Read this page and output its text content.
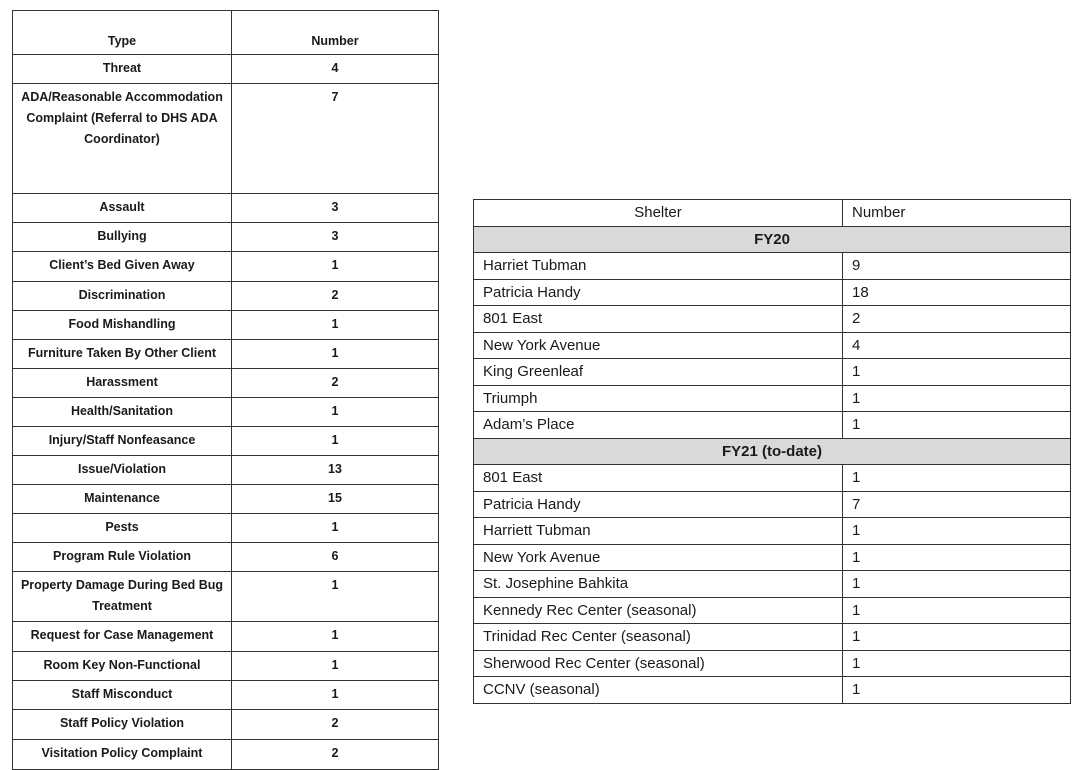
Type	Number
Threat	4
ADA/Reasonable Accommodation Complaint (Referral to DHS ADA Coordinator)	7
Assault	3
Bullying	3
Client’s Bed Given Away	1
Discrimination	2
Food Mishandling	1
Furniture Taken By Other Client	1
Harassment	2
Health/Sanitation	1
Injury/Staff Nonfeasance	1
Issue/Violation	13
Maintenance	15
Pests	1
Program Rule Violation	6
Property Damage During Bed Bug Treatment	1
Request for Case Management	1
Room Key Non-Functional	1
Staff Misconduct	1
Staff Policy Violation	2
Visitation Policy Complaint	2
Shelter	Number
FY20	
Harriet Tubman	9
Patricia Handy	18
801 East	2
New York Avenue	4
King Greenleaf	1
Triumph	1
Adam’s Place	1
FY21 (to-date)	
801 East	1
Patricia Handy	7
Harriett Tubman	1
New York Avenue	1
St. Josephine Bahkita	1
Kennedy Rec Center (seasonal)	1
Trinidad Rec Center (seasonal)	1
Sherwood Rec Center (seasonal)	1
CCNV (seasonal)	1
